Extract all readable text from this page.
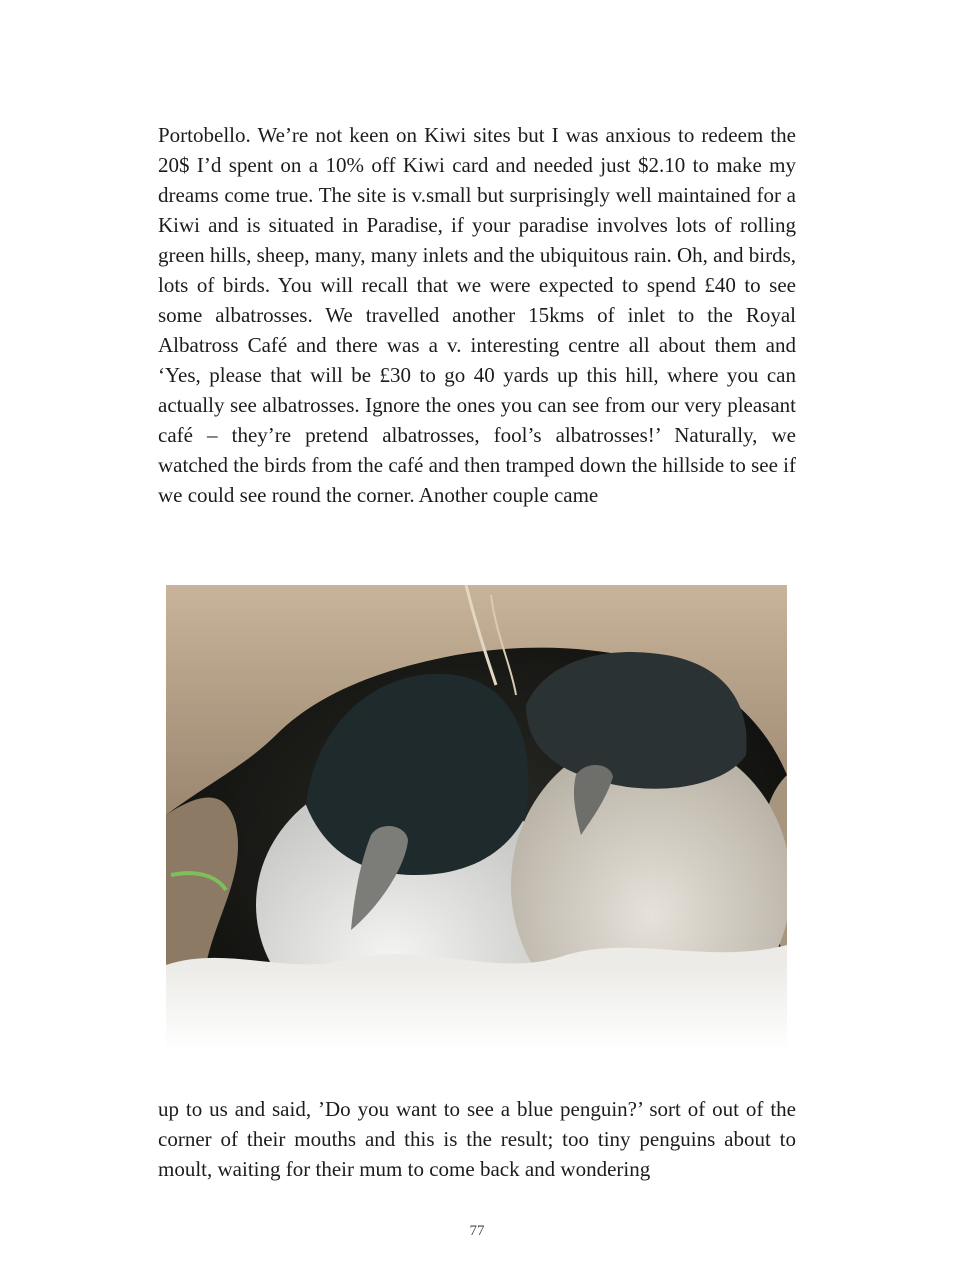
Portobello. We’re not keen on Kiwi sites but I was anxious to redeem the 20$ I’d spent on a 10% off Kiwi card and needed just $2.10 to make my dreams come true. The site is v.small but surprisingly well maintained for a Kiwi and is situated in Paradise, if your paradise involves lots of rolling green hills, sheep, many, many inlets and the ubiquitous rain. Oh, and birds, lots of birds. You will recall that we were expected to spend £40 to see some albatrosses. We travelled another 15kms of inlet to the Royal Albatross Café and there was a v. interesting centre all about them and ‘Yes, please that will be £30 to go 40 yards up this hill, where you can actually see albatrosses. Ignore the ones you can see from our very pleasant café – they’re pretend albatrosses, fool’s albatrosses!’ Naturally, we watched the birds from the café and then tramped down the hillside to see if we could see round the corner. Another couple came

up to us and said, ’Do you want to see a blue penguin?’ sort of out of the corner of their mouths and this is the result; too tiny penguins about to moult, waiting for their mum to come back and wondering

77
